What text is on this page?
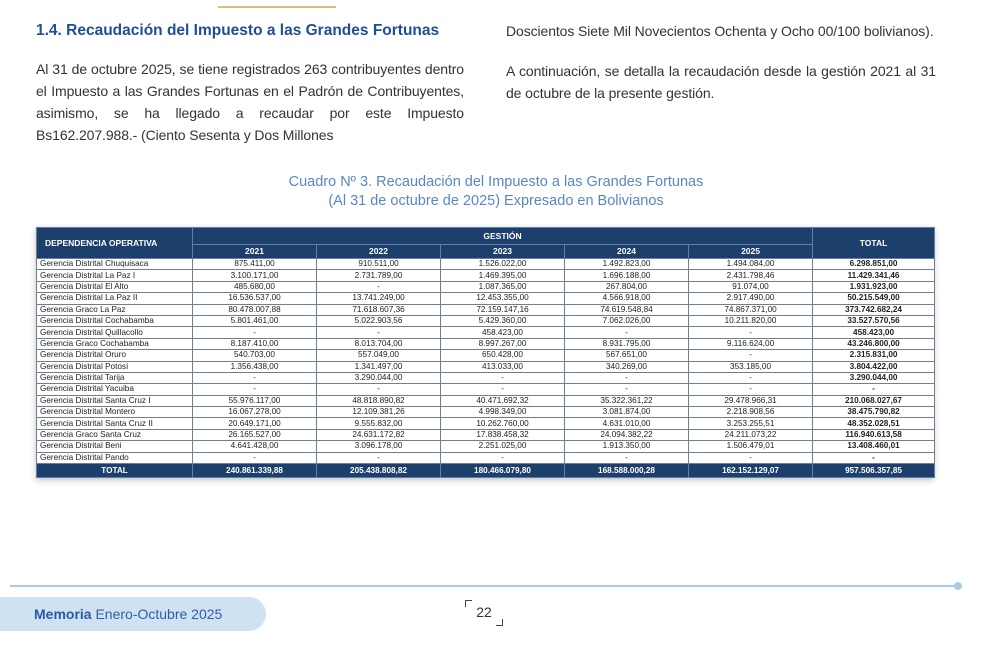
1.4. Recaudación del Impuesto a las Grandes Fortunas

Al 31 de octubre 2025, se tiene registrados 263 contribuyentes dentro el Impuesto a las Grandes Fortunas en el Padrón de Contribuyentes, asimismo, se ha llegado a recaudar por este Impuesto Bs162.207.988.- (Ciento Sesenta y Dos Millones

Doscientos Siete Mil Novecientos Ochenta y Ocho 00/100 bolivianos).

A continuación, se detalla la recaudación desde la gestión 2021 al 31 de octubre de la presente gestión.

Cuadro Nº 3. Recaudación del Impuesto a las Grandes Fortunas
(Al 31 de octubre de 2025) Expresado en Bolivianos
DEPENDENCIA OPERATIVA	GESTIÓN					TOTAL
	2021	2022	2023	2024	2025	
Gerencia Distrital Chuquisaca	875.411,00	910.511,00	1.526.022,00	1.492.823,00	1.494.084,00	6.298.851,00
Gerencia Distrital La Paz I	3.100.171,00	2.731.789,00	1.469.395,00	1.696.188,00	2.431.798,46	11.429.341,46
Gerencia Distrital El Alto	485.680,00	-	1.087.365,00	267.804,00	91.074,00	1.931.923,00
Gerencia Distrital La Paz II	16.536.537,00	13.741.249,00	12.453.355,00	4.566.918,00	2.917.490,00	50.215.549,00
Gerencia Graco La Paz	80.478.007,88	71.618.607,36	72.159.147,16	74.619.548,84	74.867.371,00	373.742.682,24
Gerencia Distrital Cochabamba	5.801.461,00	5.022.903,56	5.429.360,00	7.062.026,00	10.211.820,00	33.527.570,56
Gerencia Distrital Quillacollo	-	-	458.423,00	-	-	458.423,00
Gerencia Graco Cochabamba	8.187.410,00	8.013.704,00	8.997.267,00	8.931.795,00	9.116.624,00	43.246.800,00
Gerencia Distrital Oruro	540.703,00	557.049,00	650.428,00	567.651,00	-	2.315.831,00
Gerencia Distrital Potosí	1.356.438,00	1.341.497,00	413.033,00	340.269,00	353.185,00	3.804.422,00
Gerencia Distrital Tarija	-	3.290.044,00	-	-	-	3.290.044,00
Gerencia Distrital Yacuiba	-	-	-	-	-	-
Gerencia Distrital Santa Cruz I	55.976.117,00	48.818.890,82	40.471.692,32	35.322.361,22	29.478.966,31	210.068.027,67
Gerencia Distrital Montero	16.067.278,00	12.109.381,26	4.998.349,00	3.081.874,00	2.218.908,56	38.475.790,82
Gerencia Distrital Santa Cruz II	20.649.171,00	9.555.832,00	10.262.760,00	4.631.010,00	3.253.255,51	48.352.028,51
Gerencia Graco Santa Cruz	26.165.527,00	24.631.172,82	17.838.458,32	24.094.382,22	24.211.073,22	116.940.613,58
Gerencia Distrital Beni	4.641.428,00	3.096.178,00	2.251.025,00	1.913.350,00	1.506.479,01	13.408.460,01
Gerencia Distrital Pando	-	-	-	-	-	-
TOTAL	240.861.339,88	205.438.808,82	180.466.079,80	168.588.000,28	162.152.129,07	957.506.357,85
Memoria Enero-Octubre 2025	22
